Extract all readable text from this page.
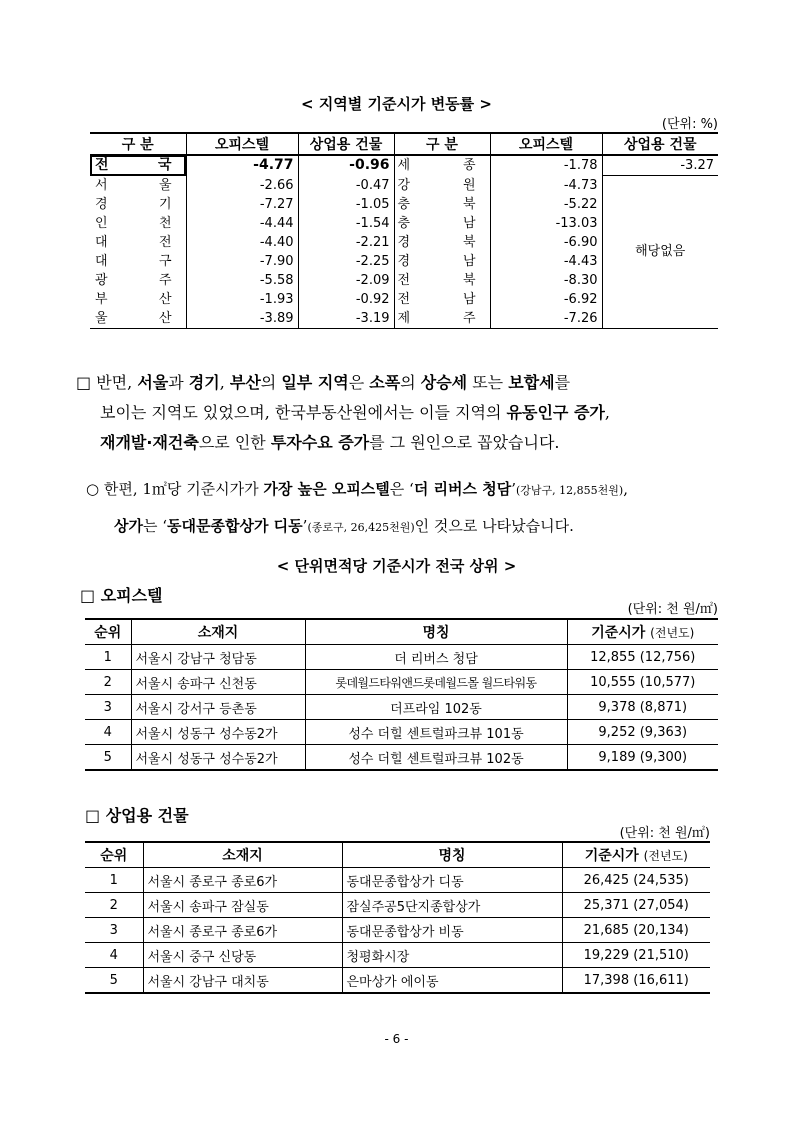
< 지역별 기준시가 변동률 >
(단위: %)
구 분	오피스텔	상업용 건물	구 분	오피스텔	상업용 건물
전 국	-4.77	-0.96	세 종	-1.78	-3.27
서 울	-2.66	-0.47	강 원	-4.73	해당없음
경 기	-7.27	-1.05	충 북	-5.22	
인 천	-4.44	-1.54	충 남	-13.03	
대 전	-4.40	-2.21	경 북	-6.90	
대 구	-7.90	-2.25	경 남	-4.43	
광 주	-5.58	-2.09	전 북	-8.30	
부 산	-1.93	-0.92	전 남	-6.92	
울 산	-3.89	-3.19	제 주	-7.26	
□ 반면, 서울과 경기, 부산의 일부 지역은 소폭의 상승세 또는 보합세를
보이는 지역도 있었으며, 한국부동산원에서는 이들 지역의 유동인구 증가,
재개발·재건축으로 인한 투자수요 증가를 그 원인으로 꼽았습니다.
○ 한편, 1㎡당 기준시가가 가장 높은 오피스텔은 ‘더 리버스 청담’(강남구, 12,855천원),
상가는 ‘동대문종합상가 디동’(종로구, 26,425천원)인 것으로 나타났습니다.
< 단위면적당 기준시가 전국 상위 >
□ 오피스텔
(단위: 천 원/㎡)
순위	소재지	명칭	기준시가 (전년도)
1	서울시 강남구 청담동	더 리버스 청담	12,855 (12,756)
2	서울시 송파구 신천동	롯데월드타워앤드롯데월드몰 월드타워동	10,555 (10,577)
3	서울시 강서구 등촌동	더프라임 102동	9,378 (8,871)
4	서울시 성동구 성수동2가	성수 더힐 센트럴파크뷰 101동	9,252 (9,363)
5	서울시 성동구 성수동2가	성수 더힐 센트럴파크뷰 102동	9,189 (9,300)
□ 상업용 건물
(단위: 천 원/㎡)
순위	소재지	명칭	기준시가 (전년도)
1	서울시 종로구 종로6가	동대문종합상가 디동	26,425 (24,535)
2	서울시 송파구 잠실동	잠실주공5단지종합상가	25,371 (27,054)
3	서울시 종로구 종로6가	동대문종합상가 비동	21,685 (20,134)
4	서울시 중구 신당동	청평화시장	19,229 (21,510)
5	서울시 강남구 대치동	은마상가 에이동	17,398 (16,611)
- 6 -
